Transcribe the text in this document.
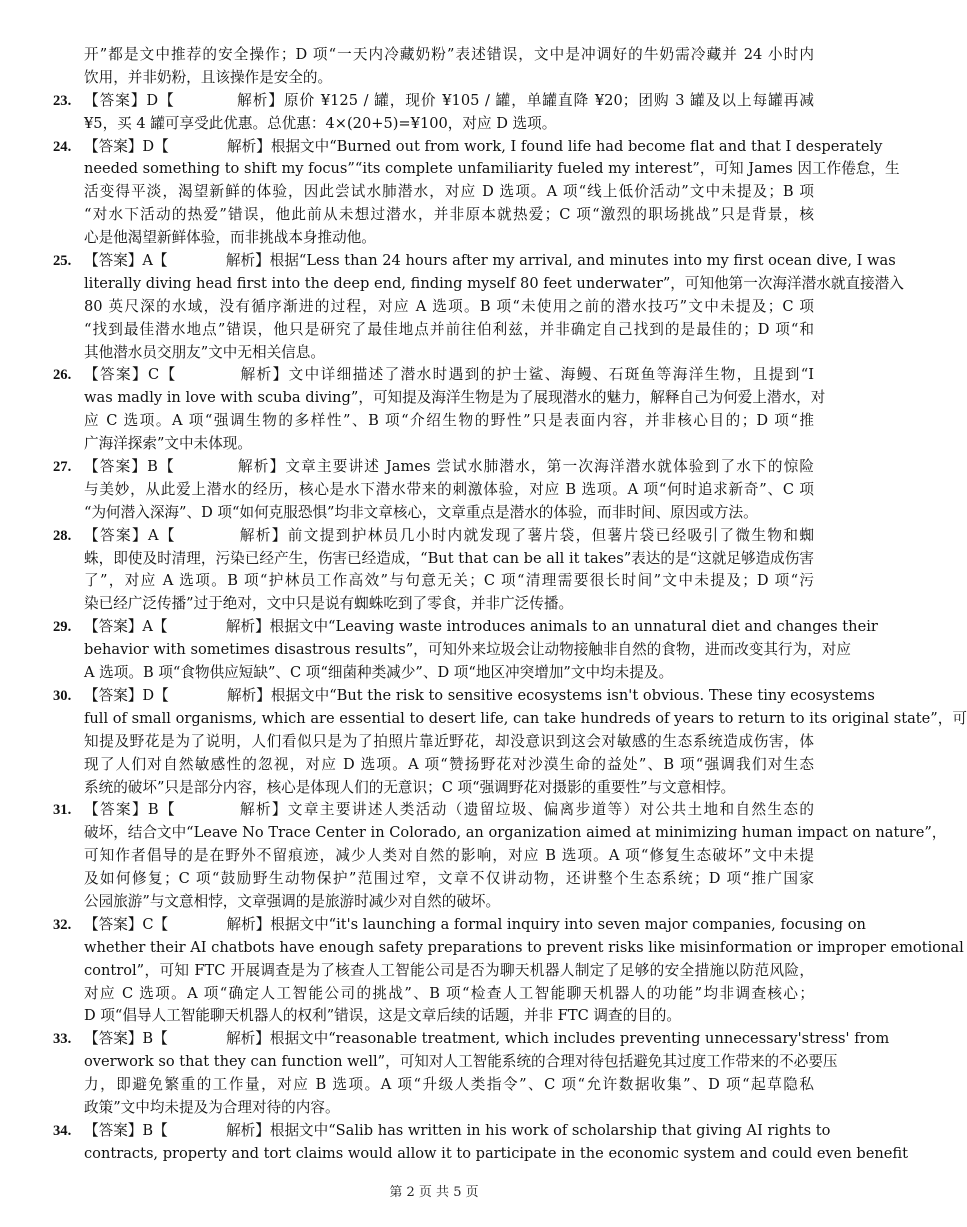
开”都是文中推荐的安全操作；D 项“一天内冷藏奶粉”表述错误，文中是冲调好的牛奶需冷藏并 24 小时内
饮用，并非奶粉，且该操作是安全的。
23. 【答案】D【　　　　解析】原价 ¥125 / 罐，现价 ¥105 / 罐，单罐直降 ¥20；团购 3 罐及以上每罐再减
¥5，买 4 罐可享受此优惠。总优惠：4×(20+5)=¥100，对应 D 选项。
24. 【答案】D【　　　　解析】根据文中“Burned out from work, I found life had become flat and that I desperately
needed something to shift my focus”“its complete unfamiliarity fueled my interest”，可知 James 因工作倦怠，生
活变得平淡，渴望新鲜的体验，因此尝试水肺潜水，对应 D 选项。A 项“线上低价活动”文中未提及；B 项
“对水下活动的热爱”错误，他此前从未想过潜水，并非原本就热爱；C 项“激烈的职场挑战”只是背景，核
心是他渴望新鲜体验，而非挑战本身推动他。
25. 【答案】A【　　　　解析】根据“Less than 24 hours after my arrival, and minutes into my first ocean dive, I was
literally diving head first into the deep end, finding myself 80 feet underwater”，可知他第一次海洋潜水就直接潜入
80 英尺深的水域，没有循序渐进的过程，对应 A 选项。B 项“未使用之前的潜水技巧”文中未提及；C 项
“找到最佳潜水地点”错误，他只是研究了最佳地点并前往伯利兹，并非确定自己找到的是最佳的；D 项“和
其他潜水员交朋友”文中无相关信息。
26. 【答案】C【　　　　解析】文中详细描述了潜水时遇到的护士鲨、海鳗、石斑鱼等海洋生物，且提到“I
was madly in love with scuba diving”，可知提及海洋生物是为了展现潜水的魅力，解释自己为何爱上潜水，对
应 C 选项。A 项“强调生物的多样性”、B 项“介绍生物的野性”只是表面内容，并非核心目的；D 项“推
广海洋探索”文中未体现。
27. 【答案】B【　　　　解析】文章主要讲述 James 尝试水肺潜水，第一次海洋潜水就体验到了水下的惊险
与美妙，从此爱上潜水的经历，核心是水下潜水带来的刺激体验，对应 B 选项。A 项“何时追求新奇”、C 项
“为何潜入深海”、D 项“如何克服恐惧”均非文章核心，文章重点是潜水的体验，而非时间、原因或方法。
28. 【答案】A【　　　　解析】前文提到护林员几小时内就发现了薯片袋，但薯片袋已经吸引了微生物和蜘
蛛，即使及时清理，污染已经产生，伤害已经造成，“But that can be all it takes”表达的是“这就足够造成伤害
了”，对应 A 选项。B 项“护林员工作高效”与句意无关；C 项“清理需要很长时间”文中未提及；D 项“污
染已经广泛传播”过于绝对，文中只是说有蜘蛛吃到了零食，并非广泛传播。
29. 【答案】A【　　　　解析】根据文中“Leaving waste introduces animals to an unnatural diet and changes their
behavior with sometimes disastrous results”，可知外来垃圾会让动物接触非自然的食物，进而改变其行为，对应
A 选项。B 项“食物供应短缺”、C 项“细菌种类减少”、D 项“地区冲突增加”文中均未提及。
30. 【答案】D【　　　　解析】根据文中“But the risk to sensitive ecosystems isn't obvious. These tiny ecosystems
full of small organisms, which are essential to desert life, can take hundreds of years to return to its original state”，可
知提及野花是为了说明，人们看似只是为了拍照片靠近野花，却没意识到这会对敏感的生态系统造成伤害，体
现了人们对自然敏感性的忽视，对应 D 选项。A 项“赞扬野花对沙漠生命的益处”、B 项“强调我们对生态
系统的破坏”只是部分内容，核心是体现人们的无意识；C 项“强调野花对摄影的重要性”与文意相悖。
31. 【答案】B【　　　　解析】文章主要讲述人类活动（遗留垃圾、偏离步道等）对公共土地和自然生态的
破坏，结合文中“Leave No Trace Center in Colorado, an organization aimed at minimizing human impact on nature”，
可知作者倡导的是在野外不留痕迹，减少人类对自然的影响，对应 B 选项。A 项“修复生态破坏”文中未提
及如何修复；C 项“鼓励野生动物保护”范围过窄，文章不仅讲动物，还讲整个生态系统；D 项“推广国家
公园旅游”与文意相悖，文章强调的是旅游时减少对自然的破坏。
32. 【答案】C【　　　　解析】根据文中“it's launching a formal inquiry into seven major companies, focusing on
whether their AI chatbots have enough safety preparations to prevent risks like misinformation or improper emotional
control”，可知 FTC 开展调查是为了核查人工智能公司是否为聊天机器人制定了足够的安全措施以防范风险，
对应 C 选项。A 项“确定人工智能公司的挑战”、B 项“检查人工智能聊天机器人的功能”均非调查核心；
D 项“倡导人工智能聊天机器人的权利”错误，这是文章后续的话题，并非 FTC 调查的目的。
33. 【答案】B【　　　　解析】根据文中“reasonable treatment, which includes preventing unnecessary'stress' from
overwork so that they can function well”，可知对人工智能系统的合理对待包括避免其过度工作带来的不必要压
力，即避免繁重的工作量，对应 B 选项。A 项“升级人类指令”、C 项“允许数据收集”、D 项“起草隐私
政策”文中均未提及为合理对待的内容。
34. 【答案】B【　　　　解析】根据文中“Salib has written in his work of scholarship that giving AI rights to
contracts, property and tort claims would allow it to participate in the economic system and could even benefit
第 2 页 共 5 页
